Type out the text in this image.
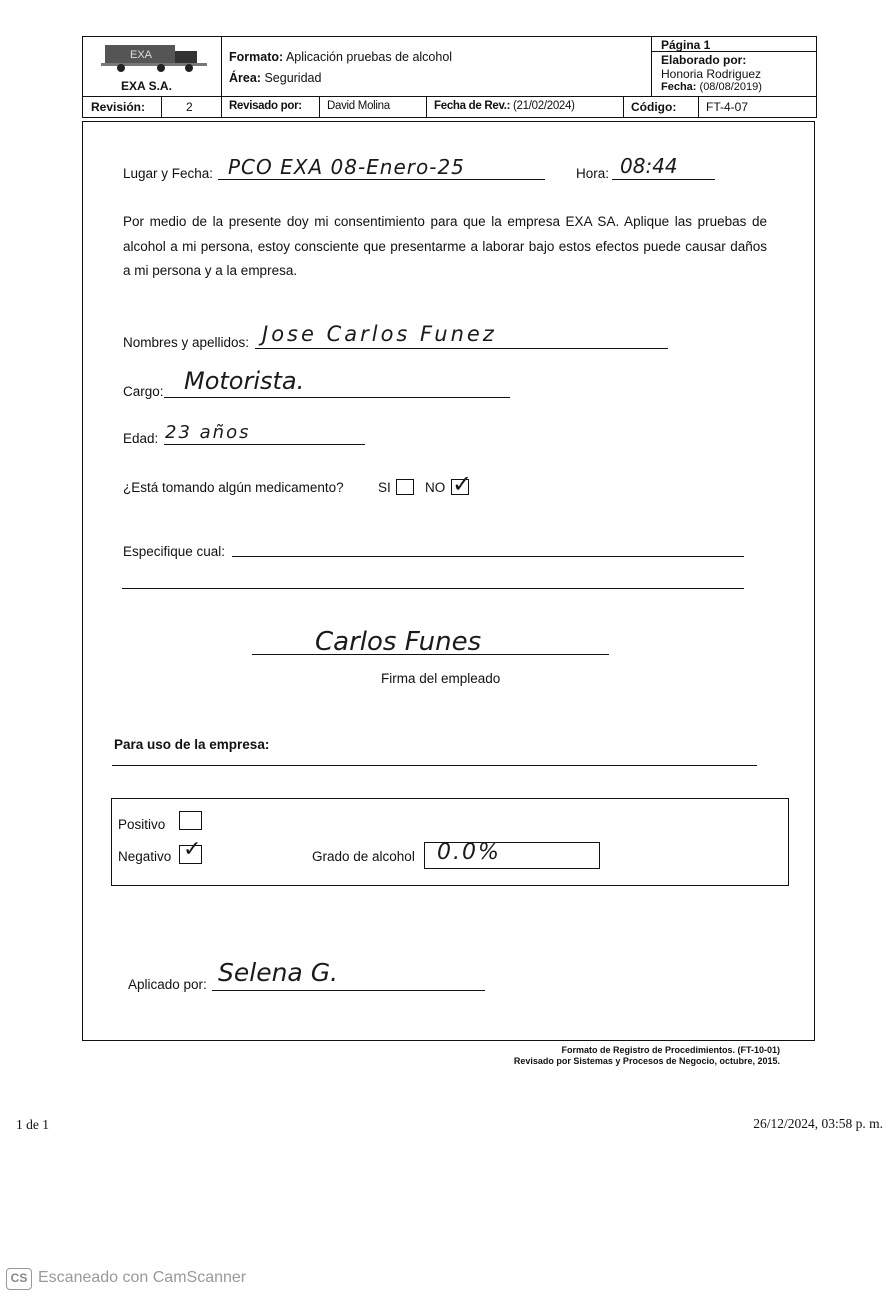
EXA
EXA S.A.
Formato: Aplicación pruebas de alcohol
Área: Seguridad
Página 1
Elaborado por:
Honoria Rodriguez
Fecha: (08/08/2019)
Revisión:	2	Revisado por: David Molina	Fecha de Rev.: (21/02/2024)	Código: FT-4-07
Lugar y Fecha: PCO EXA 08-Enero-25	Hora: 08:44
Por medio de la presente doy mi consentimiento para que la empresa EXA SA. Aplique las pruebas de alcohol a mi persona, estoy consciente que presentarme a laborar bajo estos efectos puede causar daños a mi persona y a la empresa.
Nombres y apellidos: Jose Carlos Funez
Cargo: Motorista.
Edad: 23 años
¿Está tomando algún medicamento?	SI	NO ✓
Especifique cual:
Carlos Funes
Firma del empleado
Para uso de la empresa:
Positivo
Negativo ✓	Grado de alcohol 0.0%
Aplicado por: Selena G.
Formato de Registro de Procedimientos. (FT-10-01)
Revisado por Sistemas y Procesos de Negocio, octubre, 2015.
1 de 1	26/12/2024, 03:58 p. m.
CS Escaneado con CamScanner
